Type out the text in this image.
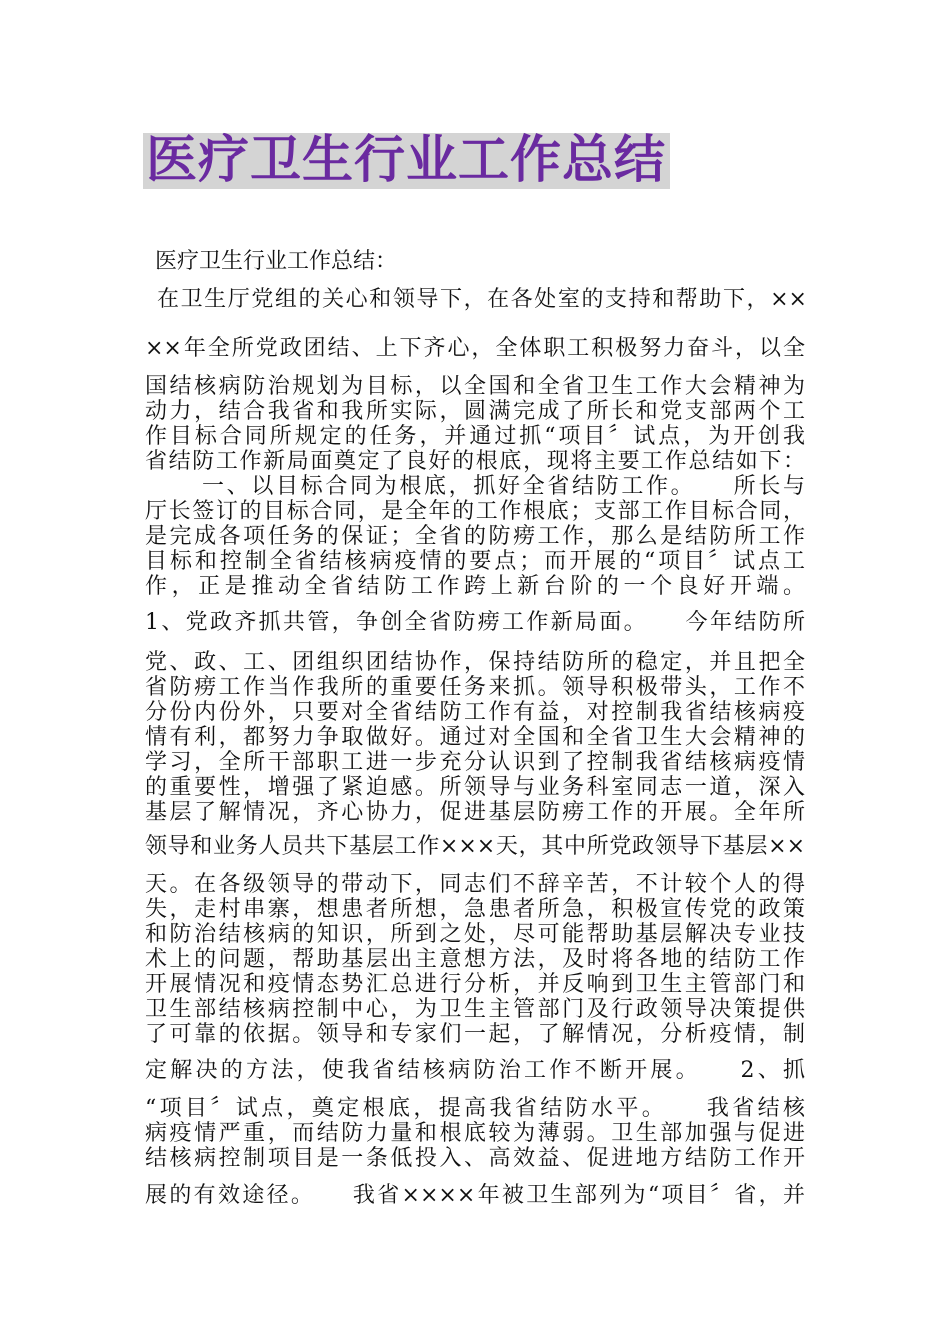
医疗卫生行业工作总结
医疗卫生行业工作总结：
在卫生厅党组的关心和领导下，在各处室的支持和帮助下，××
××年全所党政团结、上下齐心，全体职工积极努力奋斗，以全
国结核病防治规划为目标，以全国和全省卫生工作大会精神为
动力，结合我省和我所实际，圆满完成了所长和党支部两个工
作目标合同所规定的任务，并通过抓“项目〞试点，为开创我
省结防工作新局面奠定了良好的根底，现将主要工作总结如下：
一、以目标合同为根底，抓好全省结防工作。　　所长与
厅长签订的目标合同，是全年的工作根底；支部工作目标合同，
是完成各项任务的保证；全省的防痨工作，那么是结防所工作
目标和控制全省结核病疫情的要点；而开展的“项目〞试点工
作，正是推动全省结防工作跨上新台阶的一个良好开端。
1、党政齐抓共管，争创全省防痨工作新局面。　　今年结防所
党、政、工、团组织团结协作，保持结防所的稳定，并且把全
省防痨工作当作我所的重要任务来抓。领导积极带头，工作不
分份内份外，只要对全省结防工作有益，对控制我省结核病疫
情有利，都努力争取做好。通过对全国和全省卫生大会精神的
学习，全所干部职工进一步充分认识到了控制我省结核病疫情
的重要性，增强了紧迫感。所领导与业务科室同志一道，深入
基层了解情况，齐心协力，促进基层防痨工作的开展。全年所
领导和业务人员共下基层工作×××天，其中所党政领导下基层××
天。在各级领导的带动下，同志们不辞辛苦，不计较个人的得
失，走村串寨，想患者所想，急患者所急，积极宣传党的政策
和防治结核病的知识，所到之处，尽可能帮助基层解决专业技
术上的问题，帮助基层出主意想方法，及时将各地的结防工作
开展情况和疫情态势汇总进行分析，并反响到卫生主管部门和
卫生部结核病控制中心，为卫生主管部门及行政领导决策提供
了可靠的依据。领导和专家们一起，了解情况，分析疫情，制
定解决的方法，使我省结核病防治工作不断开展。　　2、抓
“项目〞试点，奠定根底，提高我省结防水平。　　我省结核
病疫情严重，而结防力量和根底较为薄弱。卫生部加强与促进
结核病控制项目是一条低投入、高效益、促进地方结防工作开
展的有效途径。　　我省××××年被卫生部列为“项目〞省，并
